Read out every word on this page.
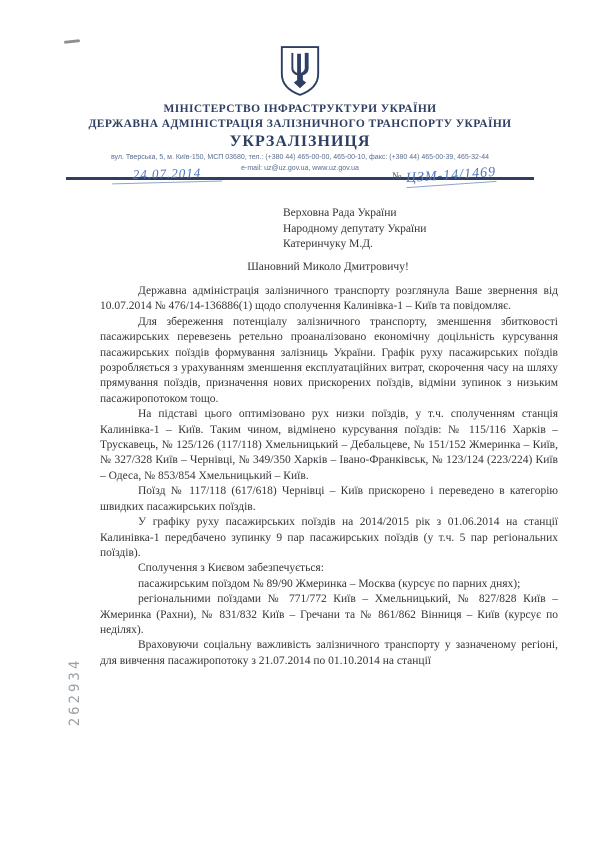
МІНІСТЕРСТВО ІНФРАСТРУКТУРИ УКРАЇНИ
ДЕРЖАВНА АДМІНІСТРАЦІЯ ЗАЛІЗНИЧНОГО ТРАНСПОРТУ УКРАЇНИ
УКРЗАЛІЗНИЦЯ
вул. Тверська, 5, м. Київ-150, МСП 03680, тел.: (+380 44) 465-00-00, 465-00-10, факс: (+380 44) 465-00-39, 465-32-44
e-mail: uz@uz.gov.ua, www.uz.gov.ua
24.07.2014	№ ЦЗМ-14/1469
Верховна Рада України
Народному депутату України
Катеринчуку М.Д.
Шановний Миколо Дмитровичу!

Державна адміністрація залізничного транспорту розглянула Ваше звернення від 10.07.2014 № 476/14-136886(1) щодо сполучення Калинівка-1 – Київ та повідомляє.

Для збереження потенціалу залізничного транспорту, зменшення збитковості пасажирських перевезень ретельно проаналізовано економічну доцільність курсування пасажирських поїздів формування залізниць України. Графік руху пасажирських поїздів розробляється з урахуванням зменшення експлуатаційних витрат, скорочення часу на шляху прямування поїздів, призначення нових прискорених поїздів, відміни зупинок з низьким пасажиропотоком тощо.

На підставі цього оптимізовано рух низки поїздів, у т.ч. сполученням станція Калинівка-1 – Київ. Таким чином, відмінено курсування поїздів: № 115/116 Харків – Трускавець, № 125/126 (117/118) Хмельницький – Дебальцеве, № 151/152 Жмеринка – Київ, № 327/328 Київ – Чернівці, № 349/350 Харків – Івано-Франківськ, № 123/124 (223/224) Київ – Одеса, № 853/854 Хмельницький – Київ.

Поїзд № 117/118 (617/618) Чернівці – Київ прискорено і переведено в категорію швидких пасажирських поїздів.

У графіку руху пасажирських поїздів на 2014/2015 рік з 01.06.2014 на станції Калинівка-1 передбачено зупинку 9 пар пасажирських поїздів (у т.ч. 5 пар регіональних поїздів).

Сполучення з Києвом забезпечується:

пасажирським поїздом № 89/90 Жмеринка – Москва (курсує по парних днях);

регіональними поїздами № 771/772 Київ – Хмельницький, № 827/828 Київ – Жмеринка (Рахни), № 831/832 Київ – Гречани та № 861/862 Вінниця – Київ (курсує по неділях).

Враховуючи соціальну важливість залізничного транспорту у зазначеному регіоні, для вивчення пасажиропотоку з 21.07.2014 по 01.10.2014 на станції

262934
